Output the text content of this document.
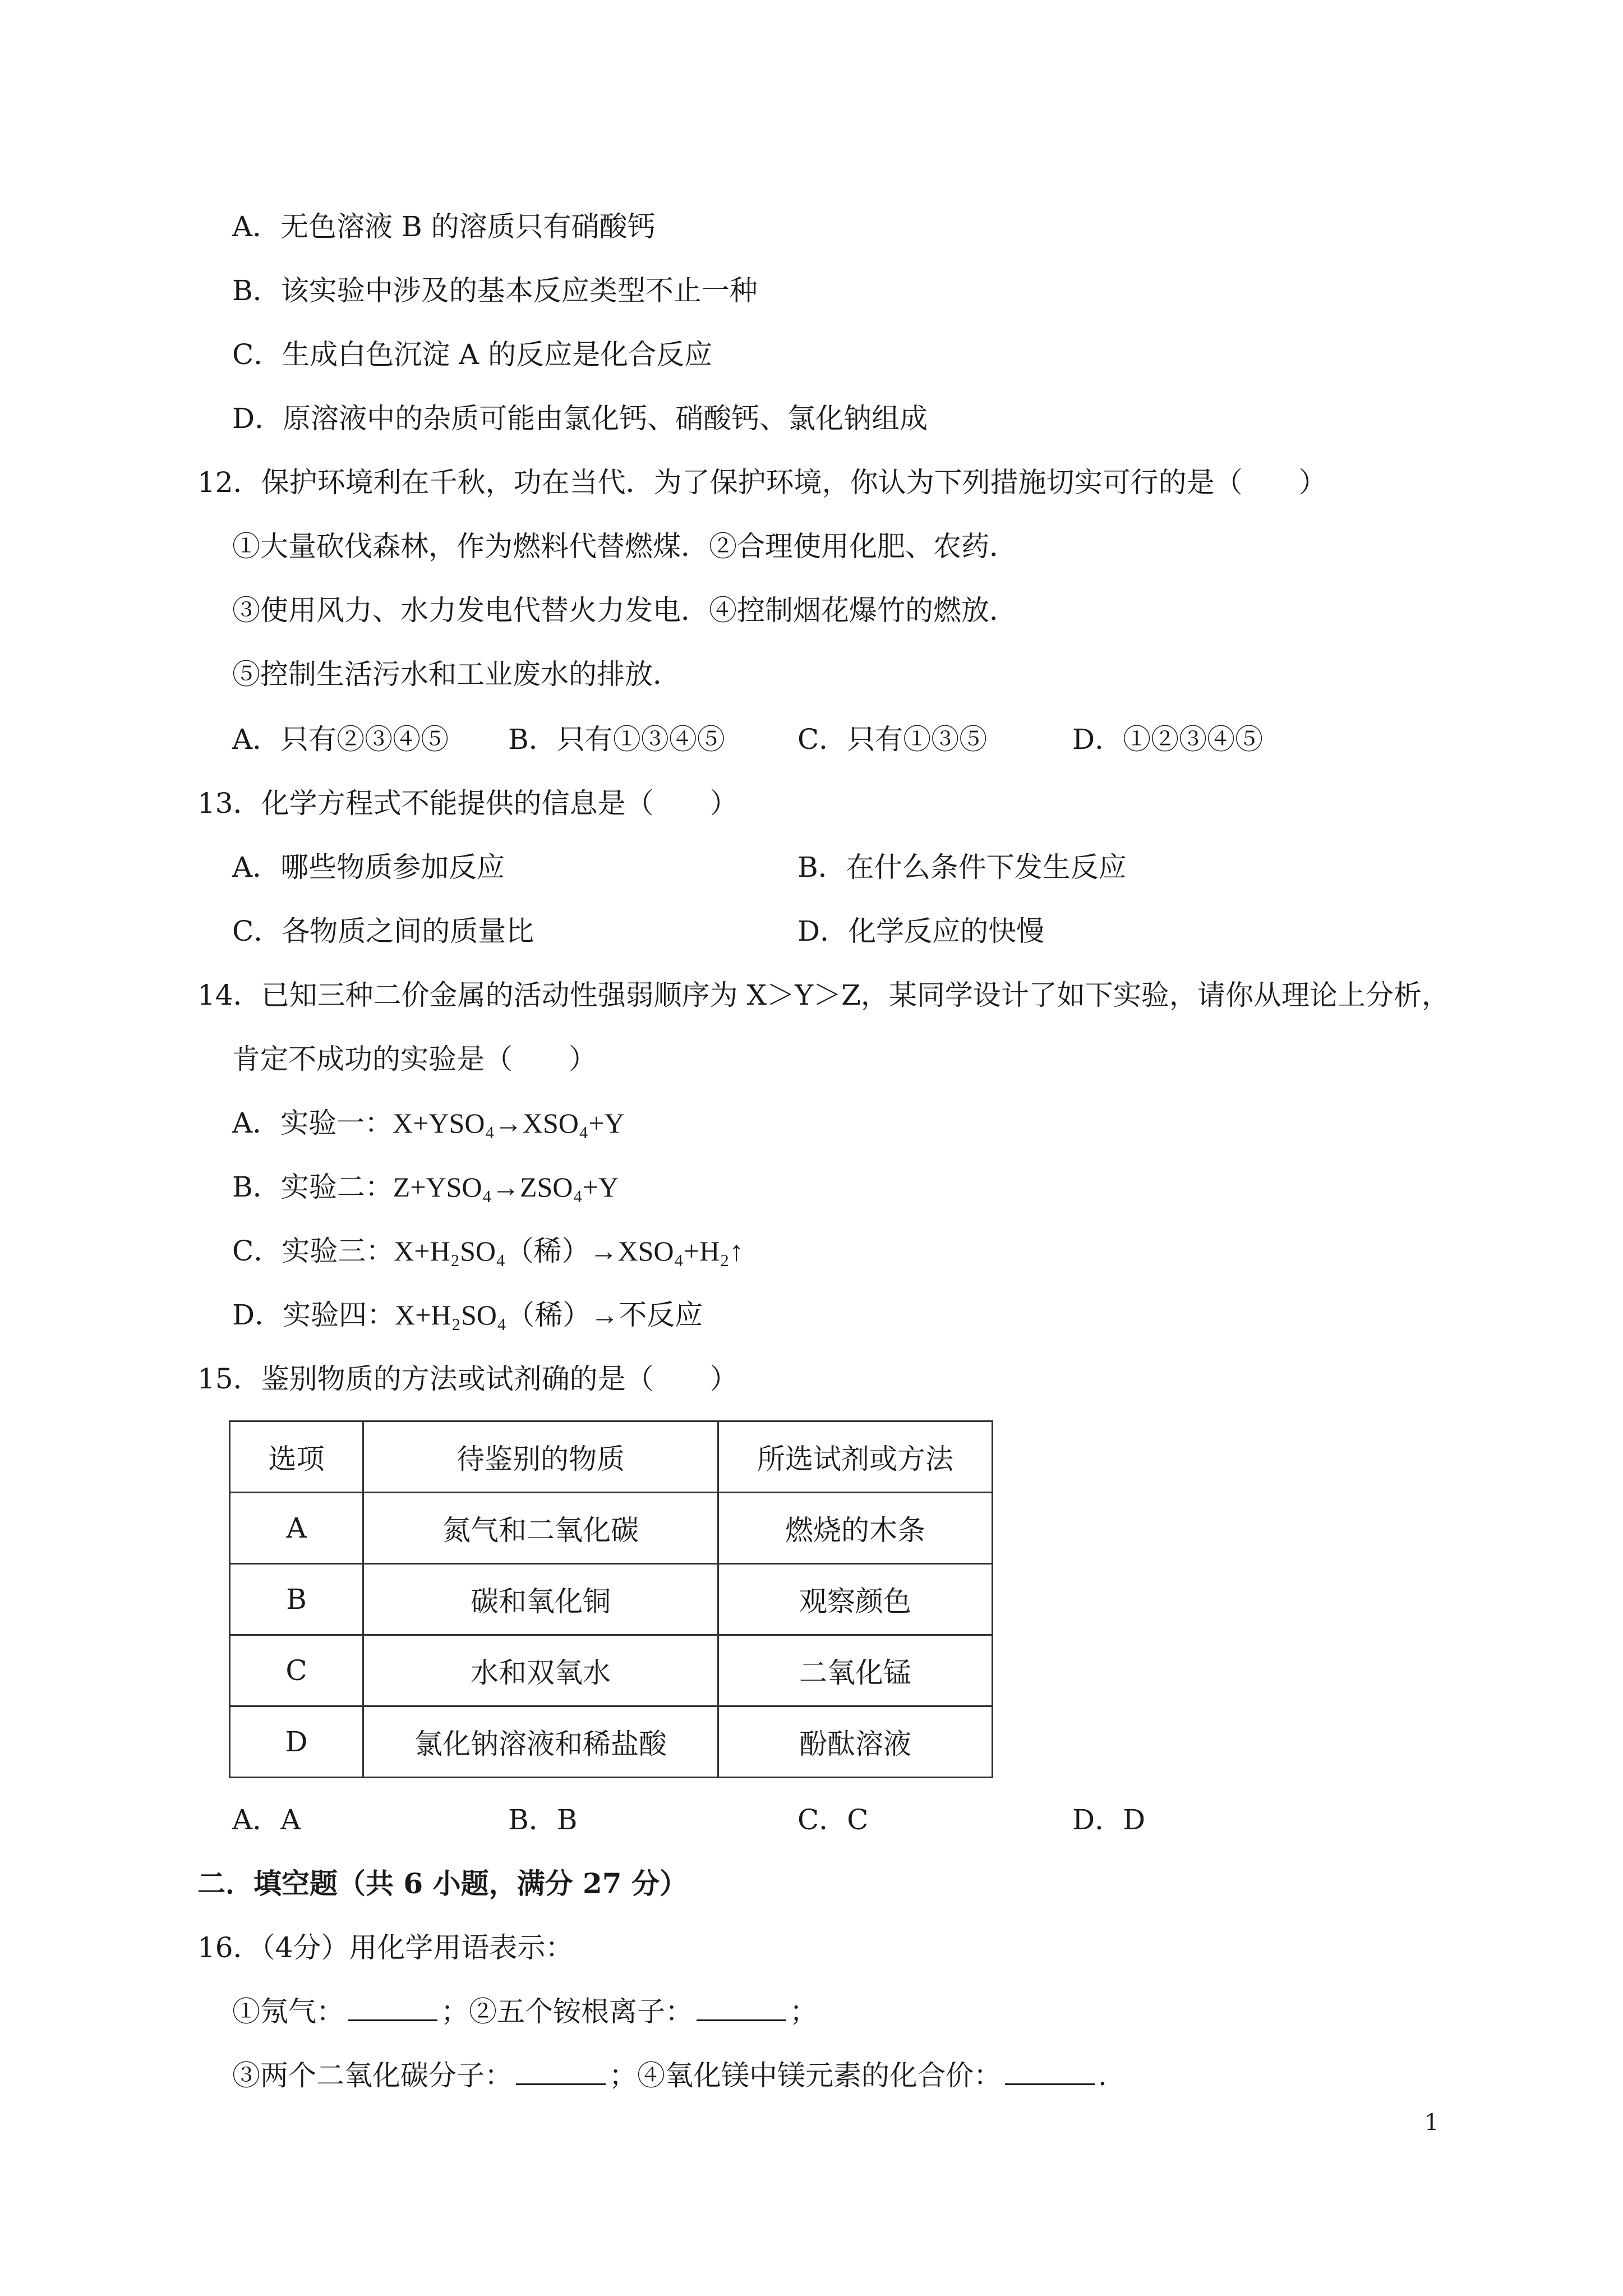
A．无色溶液 B 的溶质只有硝酸钙
B．该实验中涉及的基本反应类型不止一种
C．生成白色沉淀 A 的反应是化合反应
D．原溶液中的杂质可能由氯化钙、硝酸钙、氯化钠组成
12．保护环境利在千秋，功在当代．为了保护环境，你认为下列措施切实可行的是（　　）
①大量砍伐森林，作为燃料代替燃煤．②合理使用化肥、农药．
③使用风力、水力发电代替火力发电．④控制烟花爆竹的燃放．
⑤控制生活污水和工业废水的排放．
A．只有②③④⑤ B．只有①③④⑤	C．只有①③⑤	D．①②③④⑤
13．化学方程式不能提供的信息是（　　）
A．哪些物质参加反应	B．在什么条件下发生反应
C．各物质之间的质量比	D．化学反应的快慢
14．已知三种二价金属的活动性强弱顺序为 X＞Y＞Z，某同学设计了如下实验，请你从理论上分析，
肯定不成功的实验是（　　）
A．实验一：X+YSO₄→XSO₄+Y
B．实验二：Z+YSO₄→ZSO₄+Y
C．实验三：X+H₂SO₄（稀）→XSO₄+H₂↑
D．实验四：X+H₂SO₄（稀）→不反应
15．鉴别物质的方法或试剂确的是（　　）
选项	待鉴别的物质	所选试剂或方法
A	氮气和二氧化碳	燃烧的木条
B	碳和氧化铜	观察颜色
C	水和双氧水	二氧化锰
D	氯化钠溶液和稀盐酸	酚酞溶液
A．A	B．B	C．C	D．D
二．填空题（共 6 小题，满分 27 分）
16．（4分）用化学用语表示：
①氖气：	；②五个铵根离子：	；
③两个二氧化碳分子：	；④氧化镁中镁元素的化合价：	.
1
